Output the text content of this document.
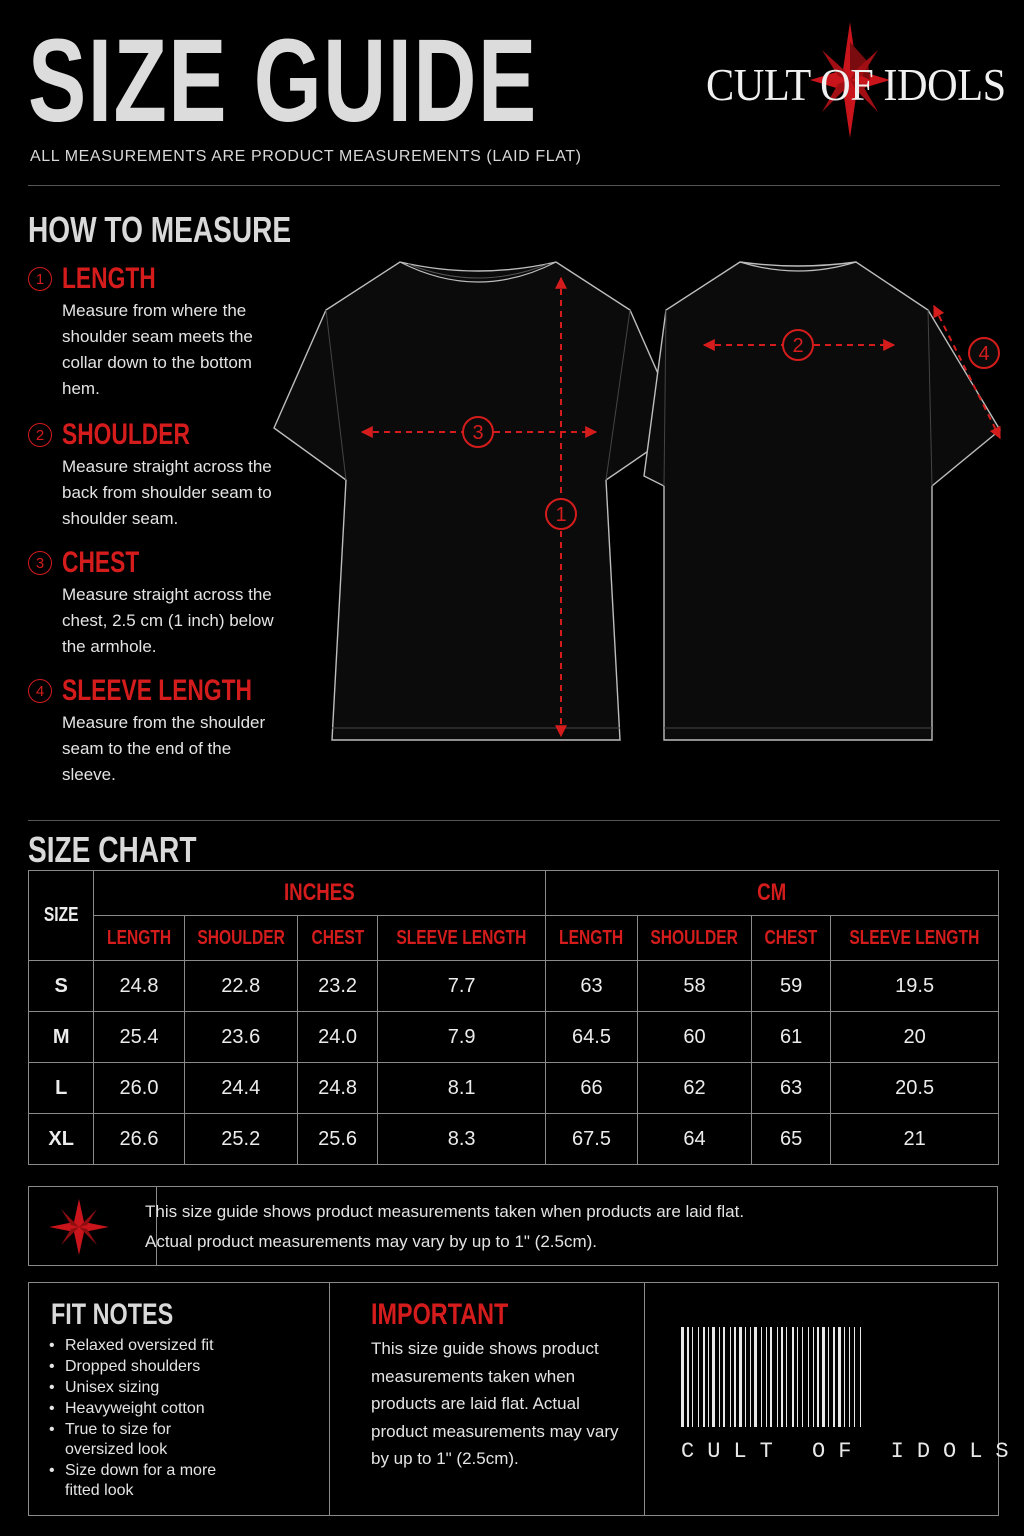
SIZE GUIDE
ALL MEASUREMENTS ARE PRODUCT MEASUREMENTS (LAID FLAT)
CULT OF IDOLS
HOW TO MEASURE
1 LENGTH
Measure from where the shoulder seam meets the collar down to the bottom hem.
2 SHOULDER
Measure straight across the back from shoulder seam to shoulder seam.
3 CHEST
Measure straight across the chest, 2.5 cm (1 inch) below the armhole.
4 SLEEVE LENGTH
Measure from the shoulder seam to the end of the sleeve.
1
2
3
4
SIZE CHART
SIZE	INCHES				CM			
	LENGTH	SHOULDER	CHEST	SLEEVE LENGTH	LENGTH	SHOULDER	CHEST	SLEEVE LENGTH
S	24.8	22.8	23.2	7.7	63	58	59	19.5
M	25.4	23.6	24.0	7.9	64.5	60	61	20
L	26.0	24.4	24.8	8.1	66	62	63	20.5
XL	26.6	25.2	25.6	8.3	67.5	64	65	21
This size guide shows product measurements taken when products are laid flat.
Actual product measurements may vary by up to 1" (2.5cm).
FIT NOTES
• Relaxed oversized fit
• Dropped shoulders
• Unisex sizing
• Heavyweight cotton
• True to size for oversized look
• Size down for a more fitted look
IMPORTANT
This size guide shows product measurements taken when products are laid flat. Actual product measurements may vary by up to 1" (2.5cm).	CULT OF IDOLS
